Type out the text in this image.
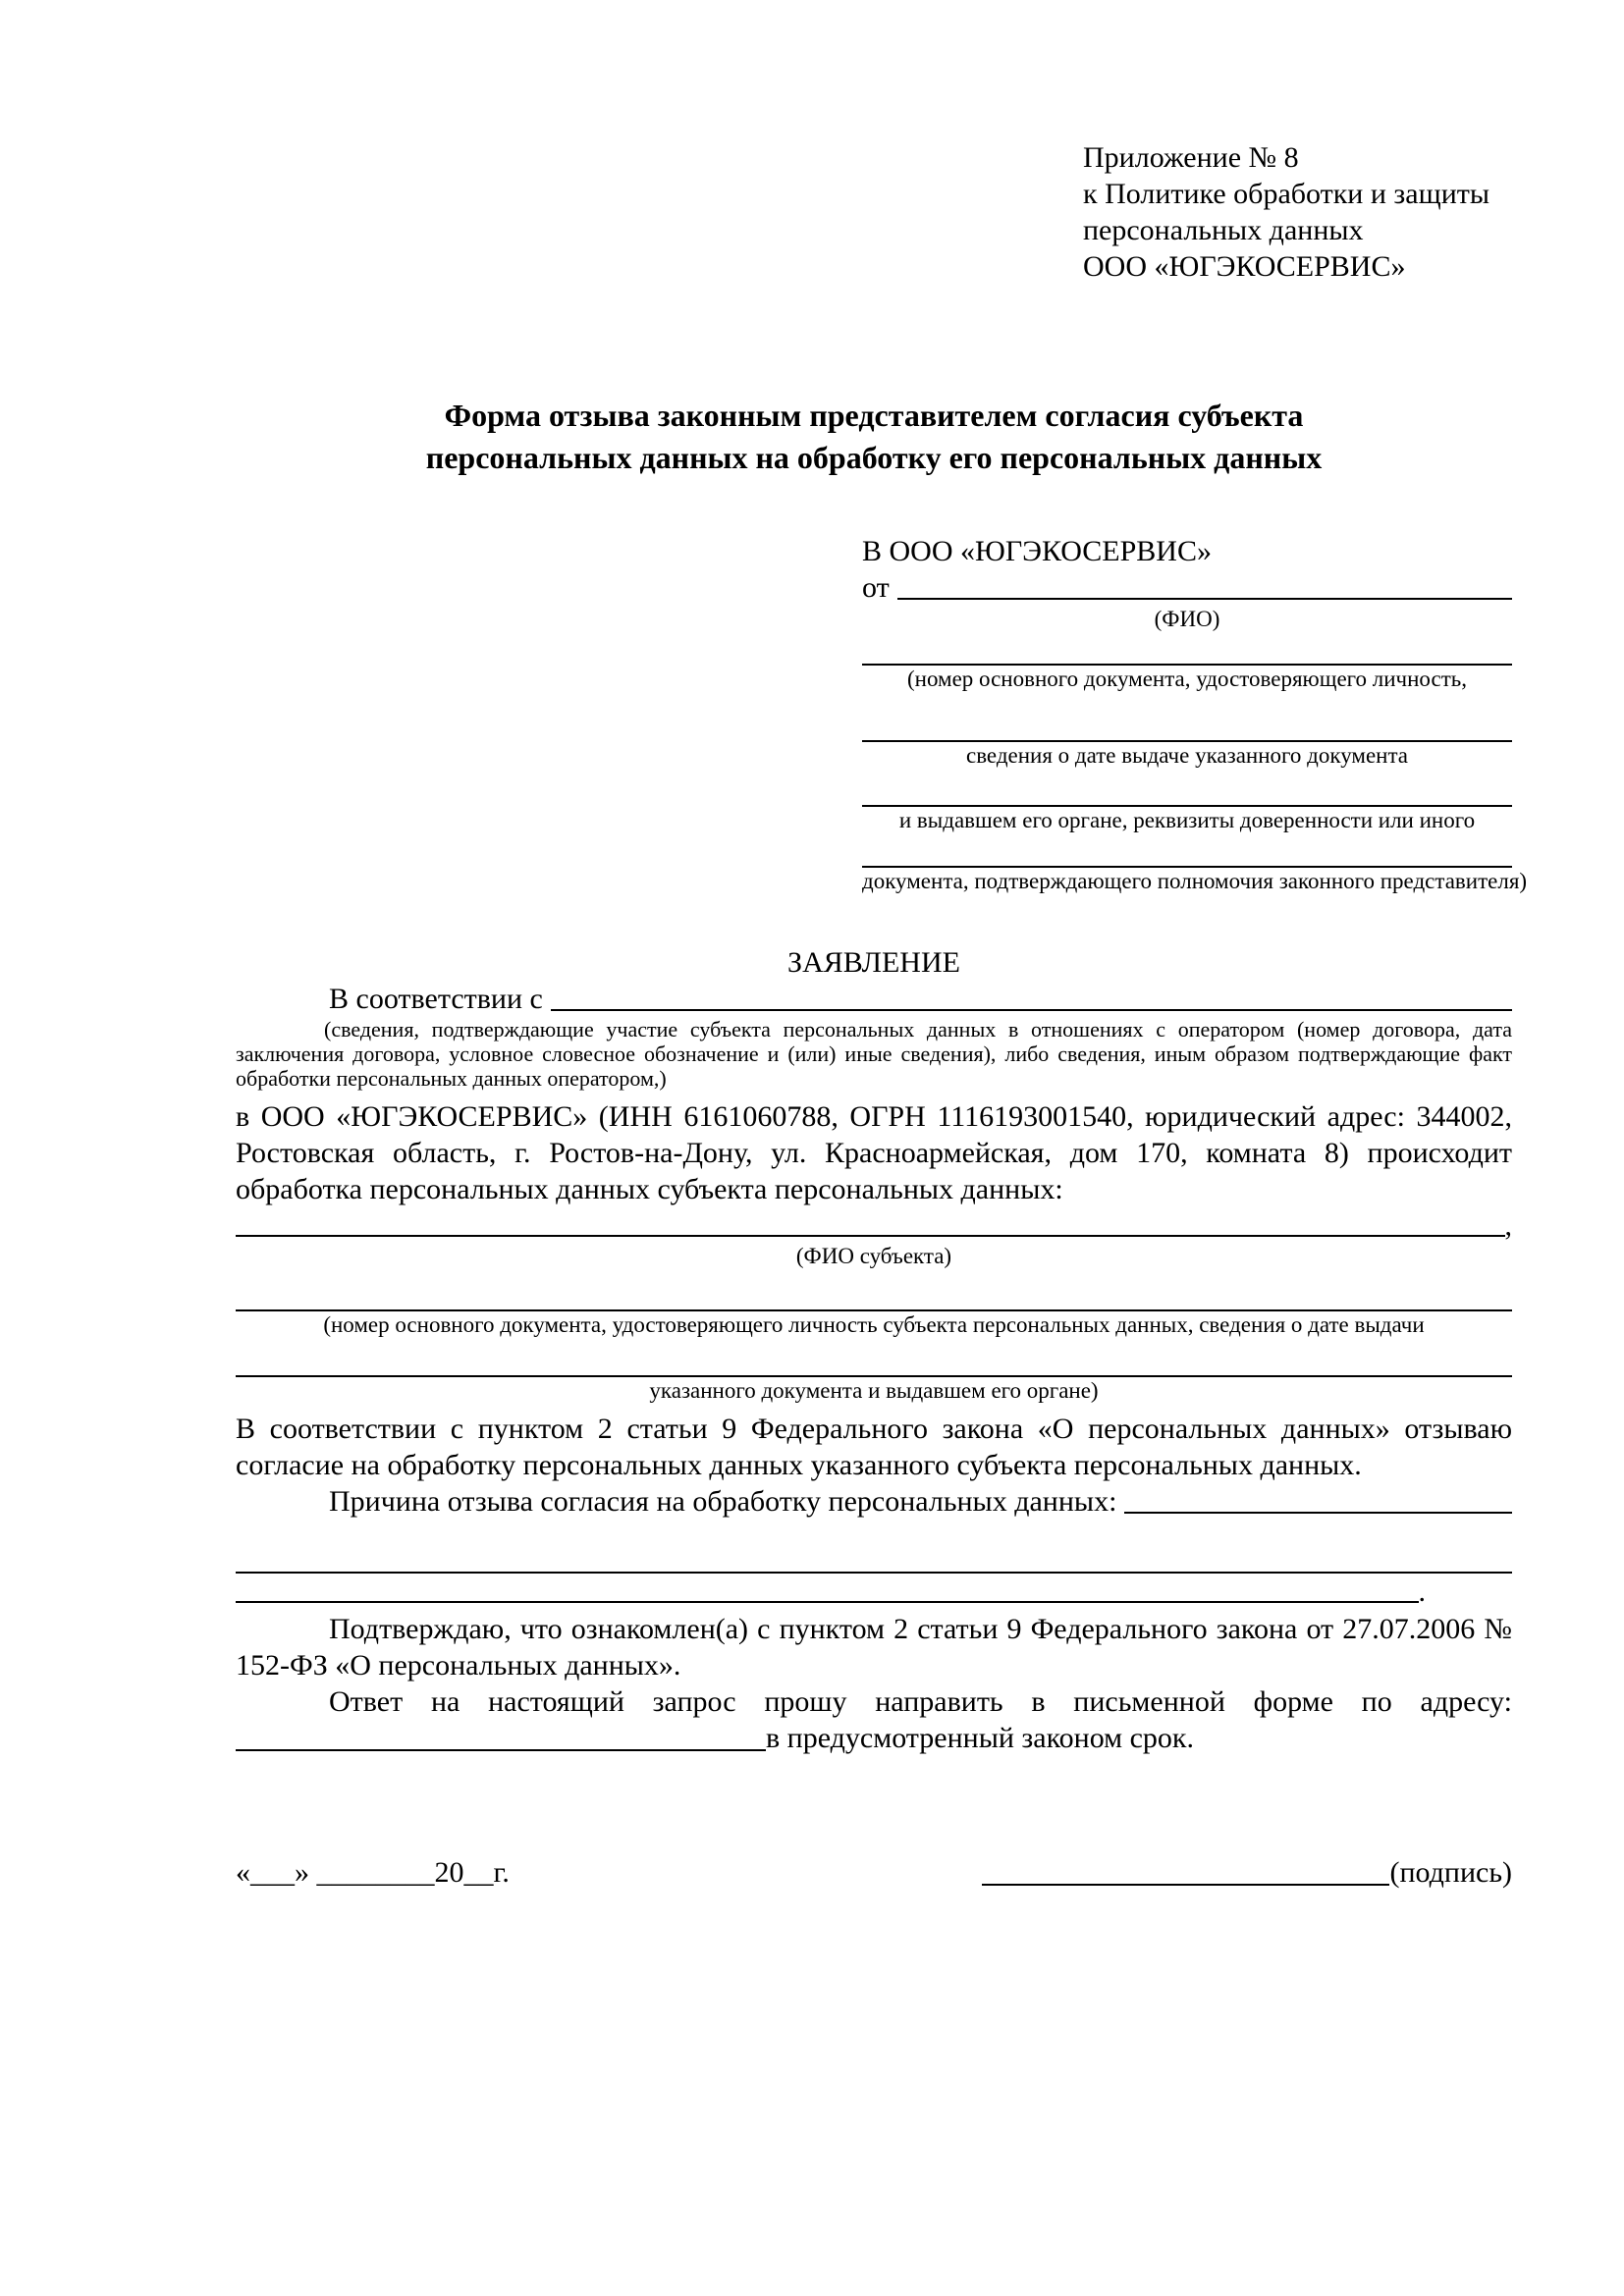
Приложение № 8
к Политике обработки и защиты
персональных данных
ООО «ЮГЭКОСЕРВИС»
Форма отзыва законным представителем согласия субъекта
персональных данных на обработку его персональных данных
В ООО «ЮГЭКОСЕРВИС»
от
(ФИО)
(номер основного документа, удостоверяющего личность,
сведения о дате выдаче указанного документа
и выдавшем его органе, реквизиты доверенности или иного
документа, подтверждающего полномочия законного представителя)
ЗАЯВЛЕНИЕ
В соответствии с
(сведения, подтверждающие участие субъекта персональных данных в отношениях с оператором (номер договора, дата заключения договора, условное словесное обозначение и (или) иные сведения), либо сведения, иным образом подтверждающие факт обработки персональных данных оператором,)
в ООО «ЮГЭКОСЕРВИС» (ИНН 6161060788, ОГРН 1116193001540, юридический адрес: 344002, Ростовская область, г. Ростов-на-Дону, ул. Красноармейская, дом 170, комната 8) происходит обработка персональных данных субъекта персональных данных:
,
(ФИО субъекта)
(номер основного документа, удостоверяющего личность субъекта персональных данных, сведения о дате выдачи
указанного документа и выдавшем его органе)
В соответствии с пунктом 2 статьи 9 Федерального закона «О персональных данных» отзываю согласие на обработку персональных данных указанного субъекта персональных данных.
Причина отзыва согласия на обработку персональных данных:
.
Подтверждаю, что ознакомлен(а) с пунктом 2 статьи 9 Федерального закона от 27.07.2006 № 152-ФЗ «О персональных данных».
Ответ на настоящий запрос прошу направить в письменной форме по адресу:
в предусмотренный законом срок.
«___» ________20__г.	(подпись)
